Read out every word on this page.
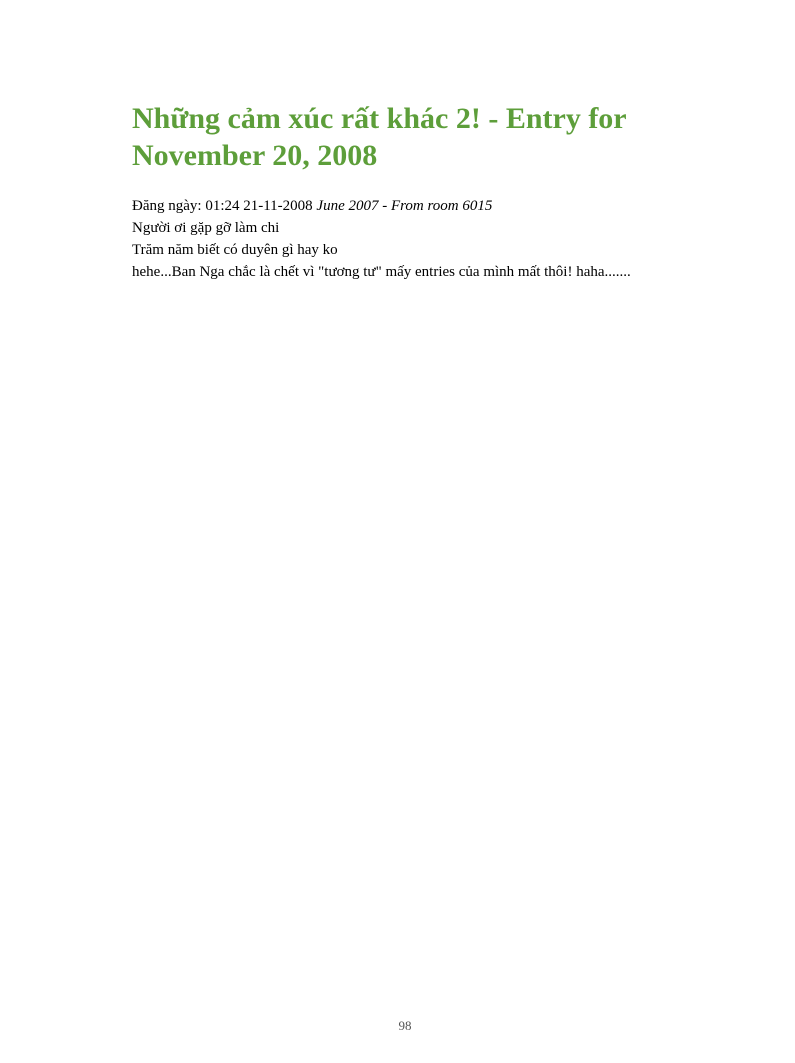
Những cảm xúc rất khác 2! - Entry for November 20, 2008

Đăng ngày: 01:24 21-11-2008 June 2007 - From room 6015

Người ơi gặp gỡ làm chi

Trăm năm biết có duyên gì hay ko

hehe...Ban Nga chắc là chết vì "tương tư" mấy entries của mình mất thôi! haha.......

98
